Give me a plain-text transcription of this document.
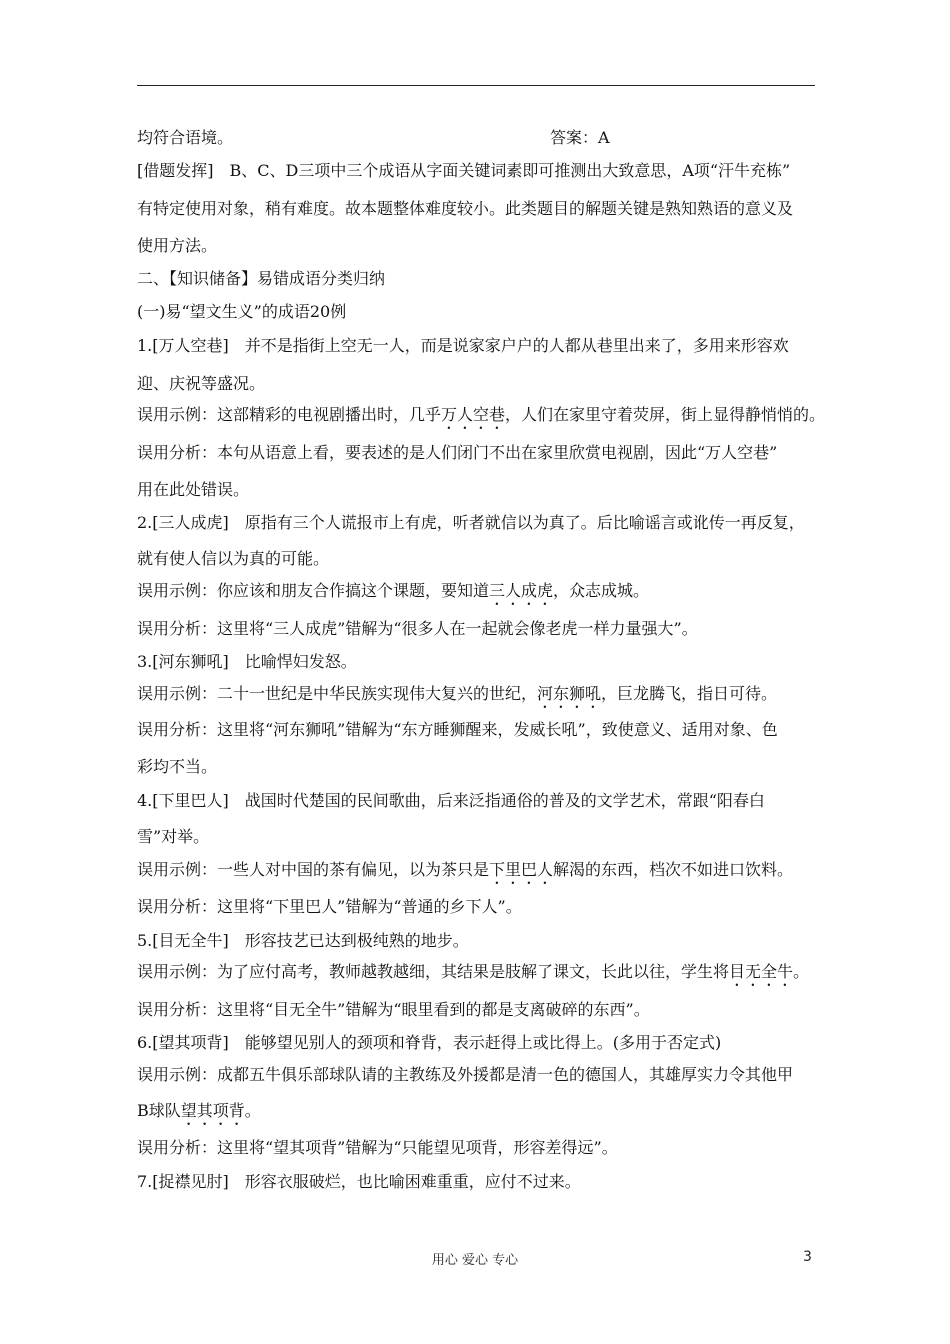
均符合语境。	答案：A
[借题发挥]　B、C、D三项中三个成语从字面关键词素即可推测出大致意思，A项“汗牛充栋”
有特定使用对象，稍有难度。故本题整体难度较小。此类题目的解题关键是熟知熟语的意义及
使用方法。
二、【知识储备】易错成语分类归纳
(一)易“望文生义”的成语20例
1.[万人空巷]　并不是指街上空无一人，而是说家家户户的人都从巷里出来了，多用来形容欢
迎、庆祝等盛况。
误用示例：这部精彩的电视剧播出时，几乎万人空巷，人们在家里守着荧屏，街上显得静悄悄的。
误用分析：本句从语意上看，要表述的是人们闭门不出在家里欣赏电视剧，因此“万人空巷”
用在此处错误。
2.[三人成虎]　原指有三个人谎报市上有虎，听者就信以为真了。后比喻谣言或讹传一再反复，
就有使人信以为真的可能。
误用示例：你应该和朋友合作搞这个课题，要知道三人成虎，众志成城。
误用分析：这里将“三人成虎”错解为“很多人在一起就会像老虎一样力量强大”。
3.[河东狮吼]　比喻悍妇发怒。
误用示例：二十一世纪是中华民族实现伟大复兴的世纪，河东狮吼，巨龙腾飞，指日可待。
误用分析：这里将“河东狮吼”错解为“东方睡狮醒来，发威长吼”，致使意义、适用对象、色
彩均不当。
4.[下里巴人]　战国时代楚国的民间歌曲，后来泛指通俗的普及的文学艺术，常跟“阳春白
雪”对举。
误用示例：一些人对中国的茶有偏见，以为茶只是下里巴人解渴的东西，档次不如进口饮料。
误用分析：这里将“下里巴人”错解为“普通的乡下人”。
5.[目无全牛]　形容技艺已达到极纯熟的地步。
误用示例：为了应付高考，教师越教越细，其结果是肢解了课文，长此以往，学生将目无全牛。
误用分析：这里将“目无全牛”错解为“眼里看到的都是支离破碎的东西”。
6.[望其项背]　能够望见别人的颈项和脊背，表示赶得上或比得上。(多用于否定式)
误用示例：成都五牛俱乐部球队请的主教练及外援都是清一色的德国人，其雄厚实力令其他甲
B球队望其项背。
误用分析：这里将“望其项背”错解为“只能望见项背，形容差得远”。
7.[捉襟见肘]　形容衣服破烂，也比喻困难重重，应付不过来。
用心 爱心 专心	3
